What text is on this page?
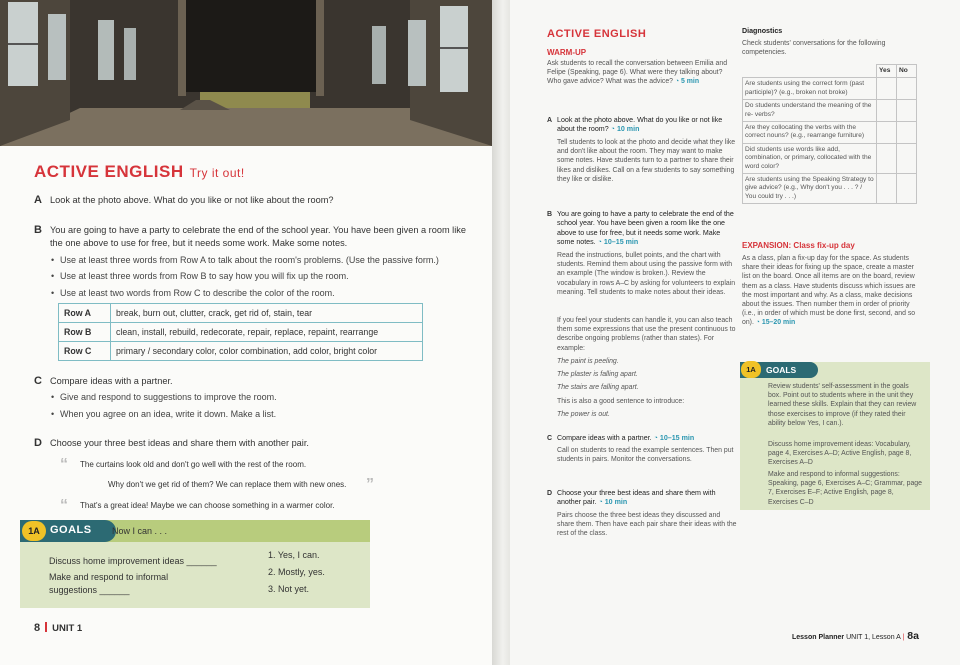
ACTIVE ENGLISH Try it out!
A Look at the photo above. What do you like or not like about the room?
B You are going to have a party to celebrate the end of the school year. You have been given a room like the one above to use for free, but it needs some work. Make some notes.
• Use at least three words from Row A to talk about the room's problems. (Use the passive form.)
• Use at least three words from Row B to say how you will fix up the room.
• Use at least two words from Row C to describe the color of the room.
Row A	break, burn out, clutter, crack, get rid of, stain, tear
Row B	clean, install, rebuild, redecorate, repair, replace, repaint, rearrange
Row C	primary / secondary color, color combination, add color, bright color
C Compare ideas with a partner.
• Give and respond to suggestions to improve the room.
• When you agree on an idea, write it down. Make a list.
D Choose your three best ideas and share them with another pair.
“ The curtains look old and don't go well with the rest of the room.
Why don't we get rid of them? We can replace them with new ones. ”
“ That's a great idea! Maybe we can choose something in a warmer color.
1A GOALS Now I can . . .
Discuss home improvement ideas ______
Make and respond to informal
suggestions ______
1. Yes, I can.
2. Mostly, yes.
3. Not yet.
8 UNIT 1
ACTIVE ENGLISH
WARM-UP
Ask students to recall the conversation between Emilia and Felipe (Speaking, page 6). What were they talking about? Who gave advice? What was the advice? ◔ 5 min
A Look at the photo above. What do you like or not like about the room? ◔ 10 min
Tell students to look at the photo and decide what they like and don't like about the room. They may want to make some notes. Have students turn to a partner to share their likes and dislikes. Call on a few students to say something they like or dislike.
B You are going to have a party to celebrate the end of the school year. You have been given a room like the one above to use for free, but it needs some work. Make some notes. ◔ 10–15 min
Read the instructions, bullet points, and the chart with students. Remind them about using the passive form with an example (The window is broken.). Review the vocabulary in rows A–C by asking for volunteers to explain meaning. Tell students to make notes about their ideas.
If you feel your students can handle it, you can also teach them some expressions that use the present continuous to describe ongoing problems (rather than states). For example:
The paint is peeling.
The plaster is falling apart.
The stairs are falling apart.
This is also a good sentence to introduce:
The power is out.
C Compare ideas with a partner. ◔ 10–15 min
Call on students to read the example sentences. Then put students in pairs. Monitor the conversations.
D Choose your three best ideas and share them with another pair. ◔ 10 min
Pairs choose the three best ideas they discussed and share them. Then have each pair share their ideas with the rest of the class.
Diagnostics
Check students' conversations for the following competencies.
	Yes	No
Are students using the correct form (past participle)? (e.g., broken not broke)		
Do students understand the meaning of the re- verbs?		
Are they collocating the verbs with the correct nouns? (e.g., rearrange furniture)		
Did students use words like add, combination, or primary, collocated with the word color?		
Are students using the Speaking Strategy to give advice? (e.g., Why don't you . . . ? / You could try . . .)		
EXPANSION: Class fix-up day
As a class, plan a fix-up day for the space. As students share their ideas for fixing up the space, create a master list on the board. Once all items are on the board, review them as a class. Have students discuss which issues are the most important and why. As a class, make decisions about the issues. Then number them in order of priority (i.e., in order of which must be done first, second, and so on). ◔ 15–20 min
1A	GOALS
Review students' self-assessment in the goals box. Point out to students where in the unit they learned these skills. Explain that they can review those exercises to improve (if they rated their ability below Yes, I can.).
Discuss home improvement ideas: Vocabulary, page 4, Exercises A–D; Active English, page 8, Exercises A–D
Make and respond to informal suggestions: Speaking, page 6, Exercises A–C; Grammar, page 7, Exercises E–F; Active English, page 8, Exercises C–D
Lesson Planner UNIT 1, Lesson A | 8a
